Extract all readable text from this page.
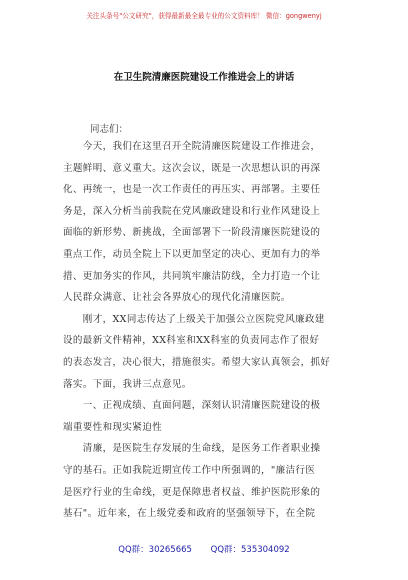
关注头条号"公文研究"，获得最新最全最专业的公文资料库！ 微信：gongwenyj
在卫生院清廉医院建设工作推进会上的讲话
同志们：
　　今天，我们在这里召开全院清廉医院建设工作推进会，
主题鲜明、意义重大。这次会议，既是一次思想认识的再深
化、再统一，也是一次工作责任的再压实、再部署。主要任
务是，深入分析当前我院在党风廉政建设和行业作风建设上
面临的新形势、新挑战，全面部署下一阶段清廉医院建设的
重点工作，动员全院上下以更加坚定的决心、更加有力的举
措、更加务实的作风，共同筑牢廉洁防线，全力打造一个让
人民群众满意、让社会各界放心的现代化清廉医院。
　　刚才，XX同志传达了上级关于加强公立医院党风廉政建
设的最新文件精神，XX科室和XX科室的负责同志作了很好
的表态发言，决心很大，措施很实。希望大家认真领会，抓好
落实。下面，我讲三点意见。
　　一、正视成绩、直面问题，深刻认识清廉医院建设的极
端重要性和现实紧迫性
　　清廉，是医院生存发展的生命线，是医务工作者职业操
守的基石。正如我院近期宣传工作中所强调的，"廉洁行医
是医疗行业的生命线，更是保障患者权益、维护医院形象的
基石"。近年来，在上级党委和政府的坚强领导下，在全院
QQ群：30265665 QQ群：535304092
